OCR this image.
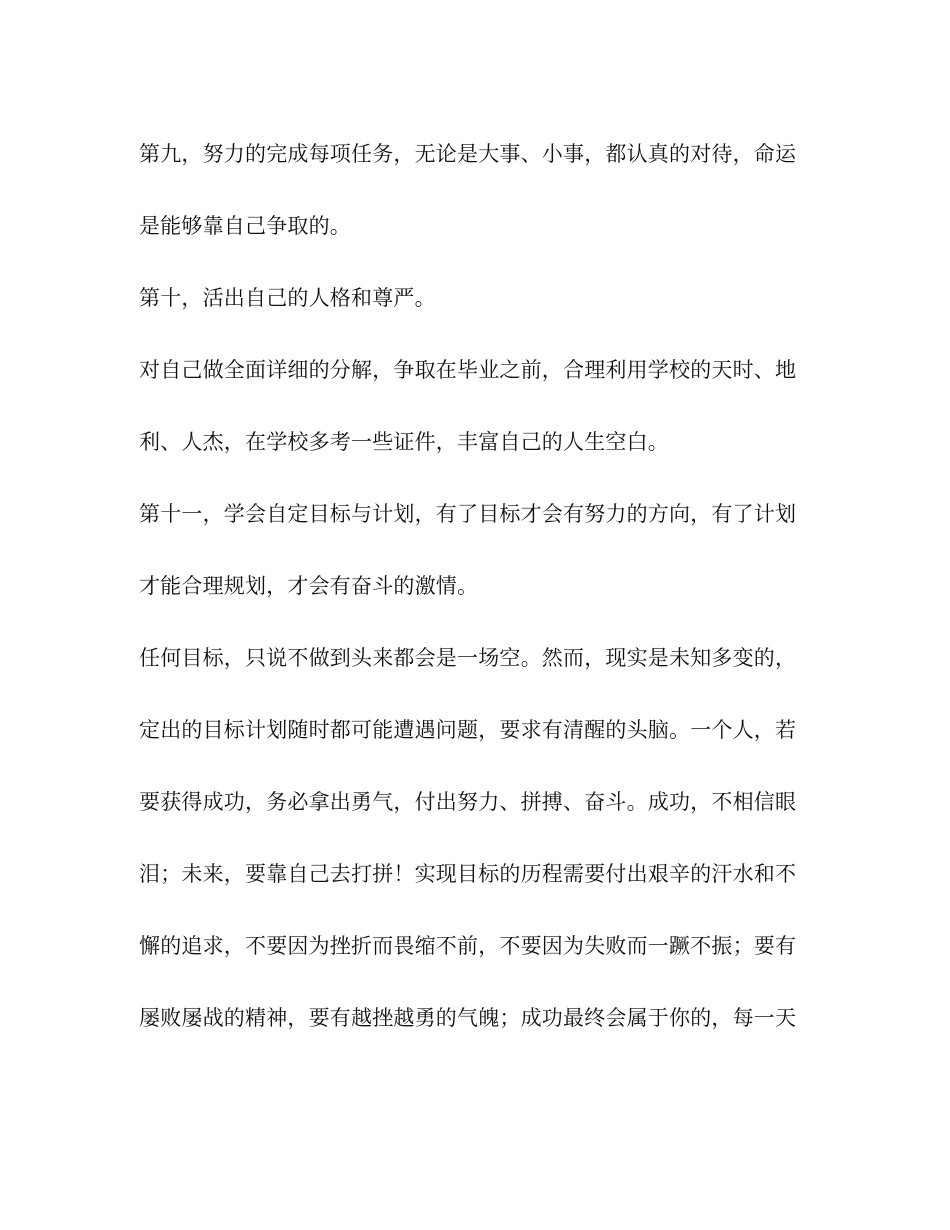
第九，努力的完成每项任务，无论是大事、小事，都认真的对待，命运

是能够靠自己争取的。

第十，活出自己的人格和尊严。

对自己做全面详细的分解，争取在毕业之前，合理利用学校的天时、地

利、人杰，在学校多考一些证件，丰富自己的人生空白。

第十一，学会自定目标与计划，有了目标才会有努力的方向，有了计划

才能合理规划，才会有奋斗的激情。

任何目标，只说不做到头来都会是一场空。然而，现实是未知多变的，

定出的目标计划随时都可能遭遇问题，要求有清醒的头脑。一个人，若

要获得成功，务必拿出勇气，付出努力、拼搏、奋斗。成功，不相信眼

泪；未来，要靠自己去打拼！实现目标的历程需要付出艰辛的汗水和不

懈的追求，不要因为挫折而畏缩不前，不要因为失败而一蹶不振；要有

屡败屡战的精神，要有越挫越勇的气魄；成功最终会属于你的，每一天
